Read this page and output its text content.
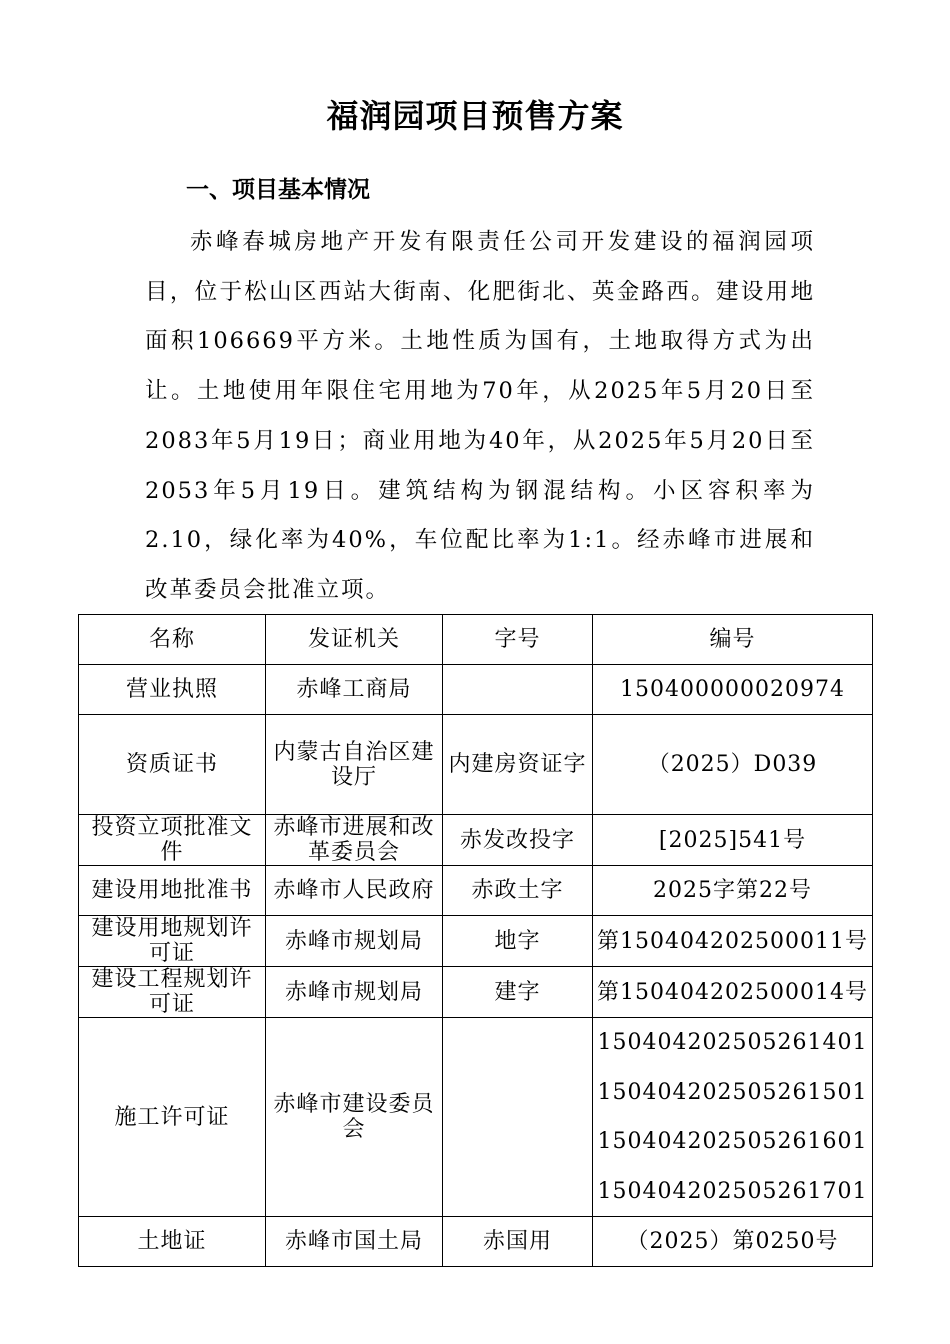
福润园项目预售方案
一、项目基本情况
赤峰春城房地产开发有限责任公司开发建设的福润园项目，位于松山区西站大街南、化肥街北、英金路西。建设用地面积106669平方米。土地性质为国有，土地取得方式为出让。土地使用年限住宅用地为70年，从2025年5月20日至2083年5月19日；商业用地为40年，从2025年5月20日至2053年5月19日。建筑结构为钢混结构。小区容积率为2.10，绿化率为40%，车位配比率为1:1。经赤峰市进展和改革委员会批准立项。
名称	发证机关	字号	编号
营业执照	赤峰工商局		150400000020974
资质证书	内蒙古自治区建设厅	内建房资证字	（2025）D039
投资立项批准文件	赤峰市进展和改革委员会	赤发改投字	[2025]541号
建设用地批准书	赤峰市人民政府	赤政土字	2025字第22号
建设用地规划许可证	赤峰市规划局	地字	第150404202500011号
建设工程规划许可证	赤峰市规划局	建字	第150404202500014号
施工许可证	赤峰市建设委员会		150404202505261401
150404202505261501
150404202505261601
150404202505261701

土地证	赤峰市国土局	赤国用	（2025）第0250号
